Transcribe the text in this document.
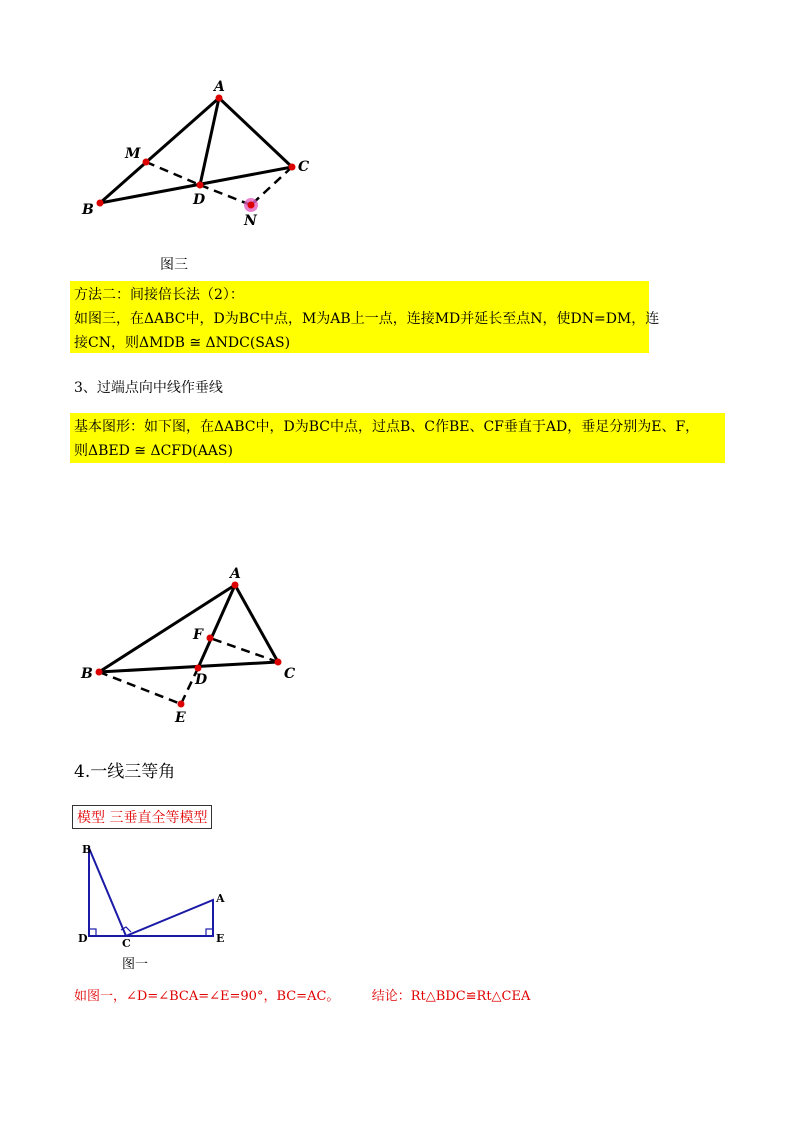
A
M
C
D
B
N
图三

方法二：间接倍长法（2）：

如图三，在ΔABC中，D为BC中点，M为AB上一点，连接MD并延长至点N，使DN=DM，连

接CN，则ΔMDB ≅ ΔNDC(SAS)

3、过端点向中线作垂线

基本图形：如下图，在ΔABC中，D为BC中点，过点B、C作BE、CF垂直于AD，垂足分别为E、F，

则ΔBED ≅ ΔCFD(AAS)

A
F
B	D	C
E
4.一线三等角
模型 三垂直全等模型
B
A
D	C	E
图一
如图一，∠D=∠BCA=∠E=90°，BC=AC。 结论：Rt△BDC≌Rt△CEA
